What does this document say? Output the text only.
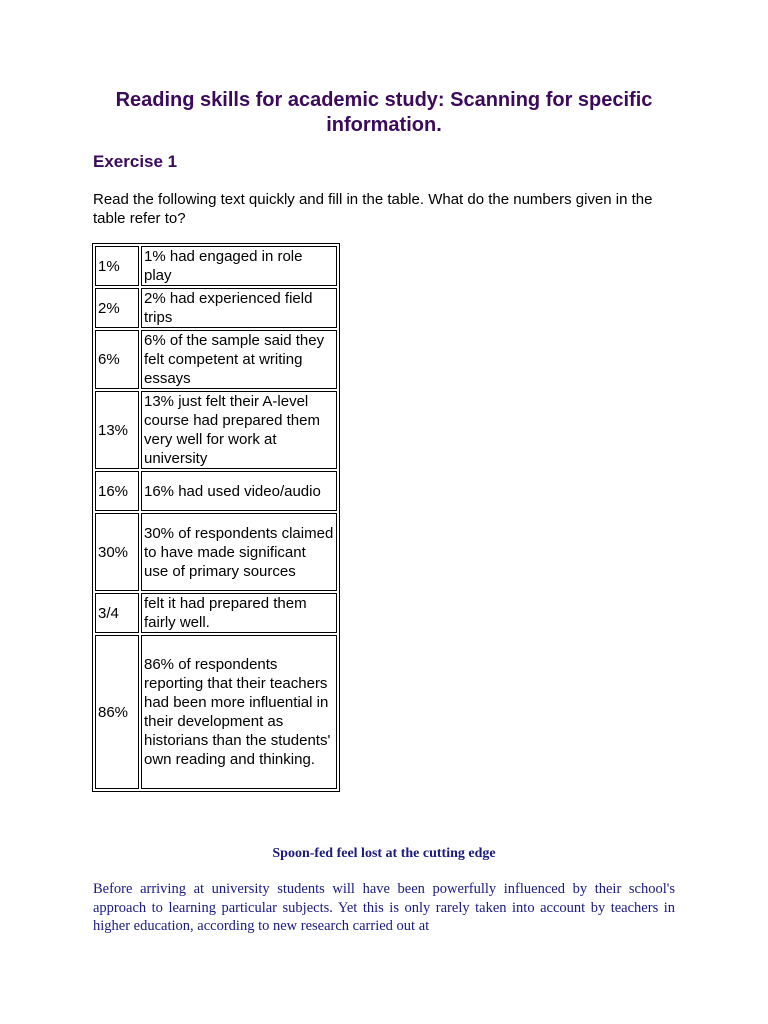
Reading skills for academic study: Scanning for specific information.
Exercise 1
Read the following text quickly and fill in the table. What do the numbers given in the table refer to?
1%	1% had engaged in role play
2%	2% had experienced field trips
6%	6% of the sample said they felt competent at writing essays
13%	13% just felt their A-level course had prepared them very well for work at university
16%	16% had used video/audio
30%	30% of respondents claimed to have made significant use of primary sources
3/4	felt it had prepared them fairly well.
86%	86% of respondents reporting that their teachers had been more influential in their development as historians than the students' own reading and thinking.
Spoon-fed feel lost at the cutting edge

Before arriving at university students will have been powerfully influenced by their school's approach to learning particular subjects. Yet this is only rarely taken into account by teachers in higher education, according to new research carried out at
